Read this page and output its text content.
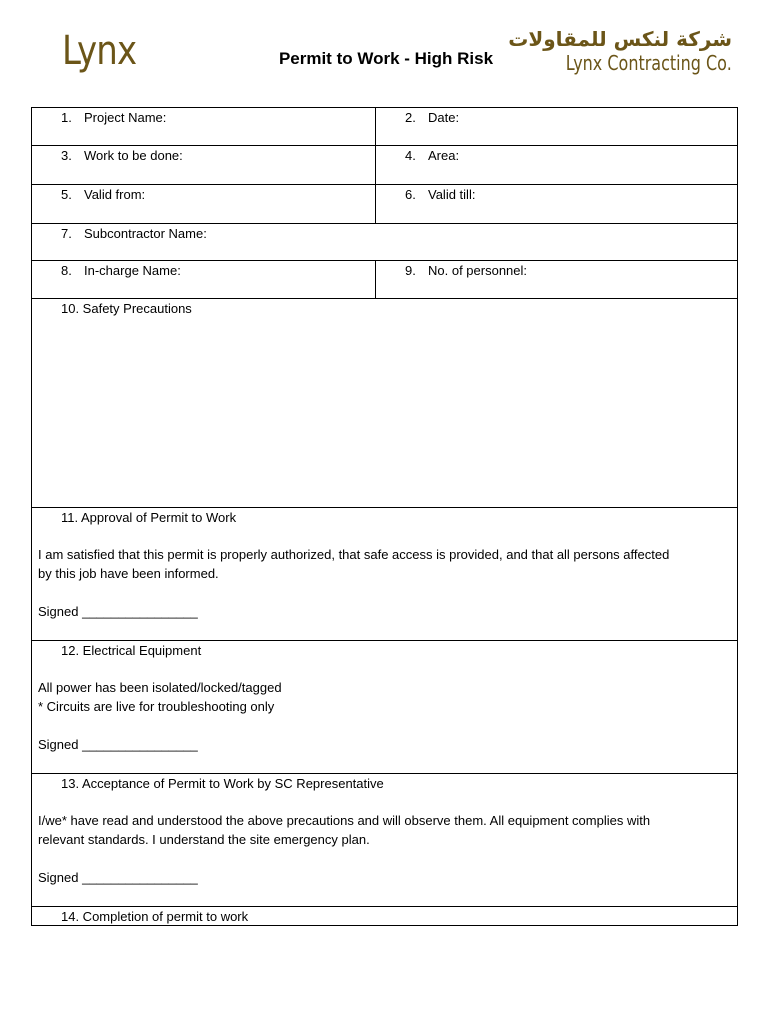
Lynx	Permit to Work - High Risk
شركة لنكس للمقاولات
Lynx Contracting Co.
1. Project Name:	2. Date:

3. Work to be done:	4. Area:

5. Valid from:	6. Valid till:

7. Subcontractor Name:	

8. In-charge Name:	9. No. of personnel:

10. Safety Precautions	

11. Approval of Permit to Work
I am satisfied that this permit is properly authorized, that safe access is provided, and that all persons affected
by this job have been informed.
Signed ________________	

12. Electrical Equipment
All power has been isolated/locked/tagged
* Circuits are live for troubleshooting only
Signed ________________	

13. Acceptance of Permit to Work by SC Representative
I/we* have read and understood the above precautions and will observe them. All equipment complies with
relevant standards. I understand the site emergency plan.
Signed ________________	

14. Completion of permit to work	
